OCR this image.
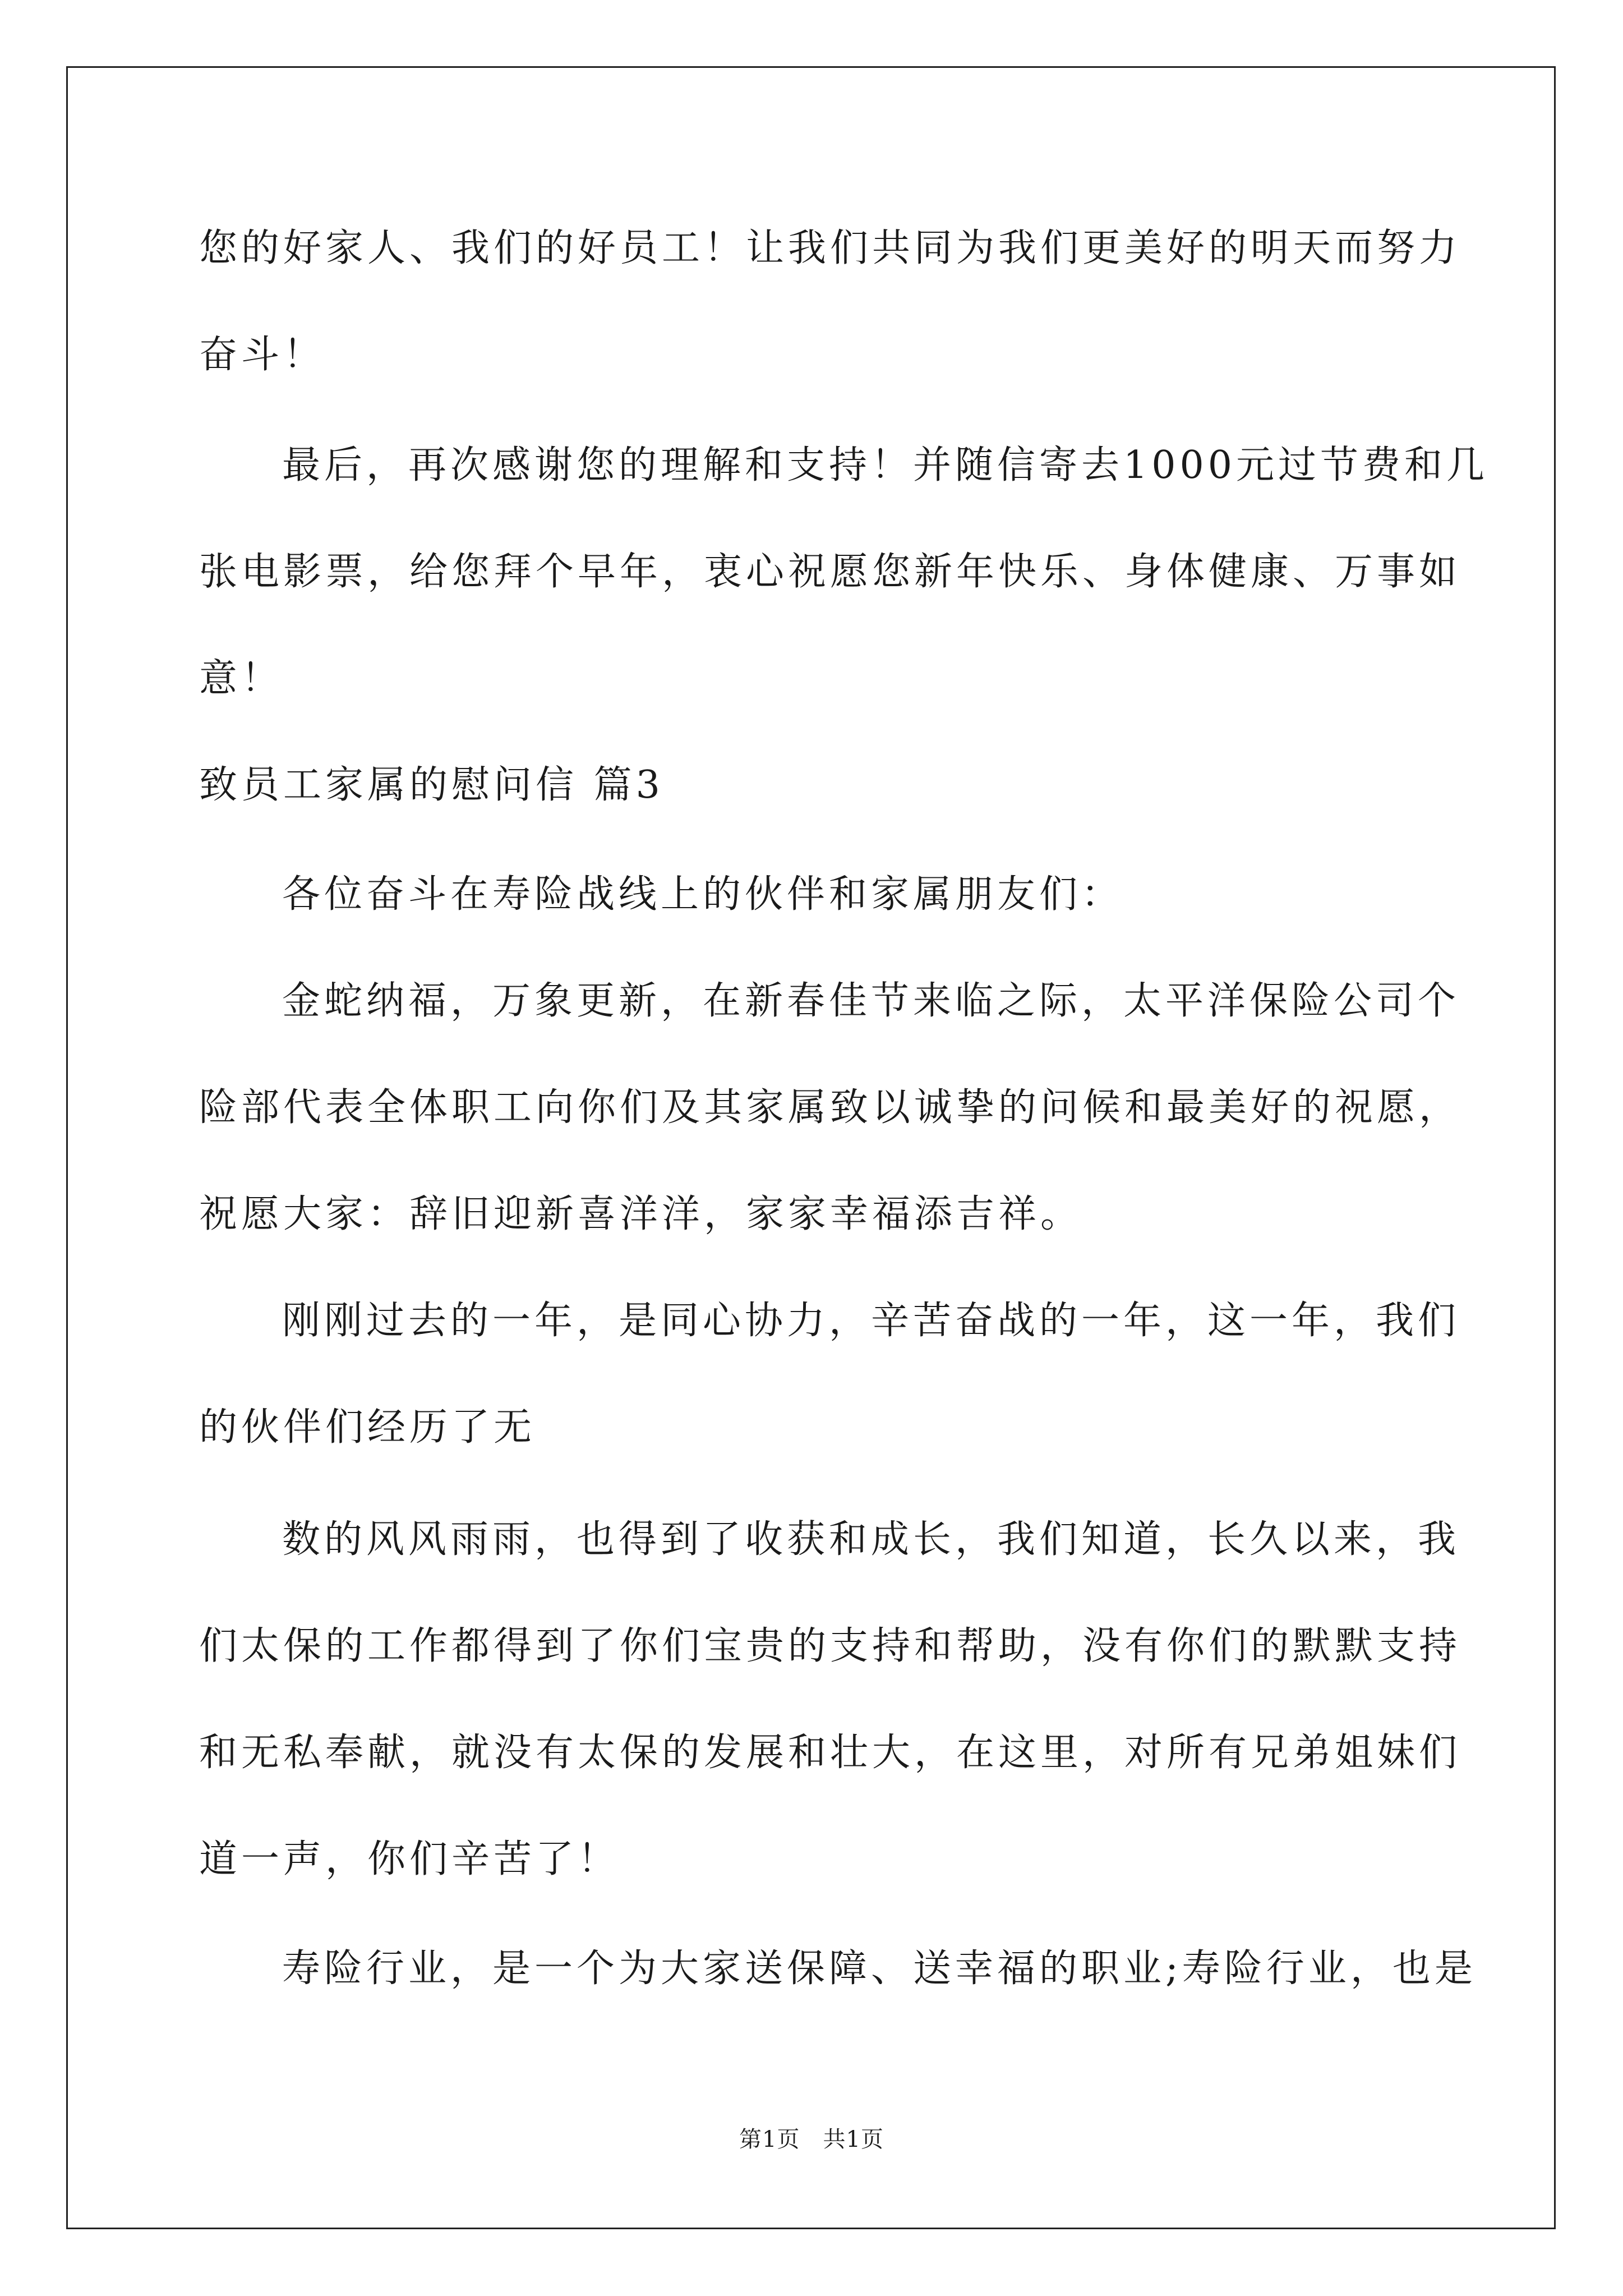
您的好家人、我们的好员工！让我们共同为我们更美好的明天而努力
奋斗！
最后，再次感谢您的理解和支持！并随信寄去1000元过节费和几
张电影票，给您拜个早年，衷心祝愿您新年快乐、身体健康、万事如
意！
致员工家属的慰问信 篇3
各位奋斗在寿险战线上的伙伴和家属朋友们：
金蛇纳福，万象更新，在新春佳节来临之际，太平洋保险公司个
险部代表全体职工向你们及其家属致以诚挚的问候和最美好的祝愿，
祝愿大家：辞旧迎新喜洋洋，家家幸福添吉祥。
刚刚过去的一年，是同心协力，辛苦奋战的一年，这一年，我们
的伙伴们经历了无
数的风风雨雨，也得到了收获和成长，我们知道，长久以来，我
们太保的工作都得到了你们宝贵的支持和帮助，没有你们的默默支持
和无私奉献，就没有太保的发展和壮大，在这里，对所有兄弟姐妹们
道一声，你们辛苦了！
寿险行业，是一个为大家送保障、送幸福的职业;寿险行业，也是
第1页　共1页
